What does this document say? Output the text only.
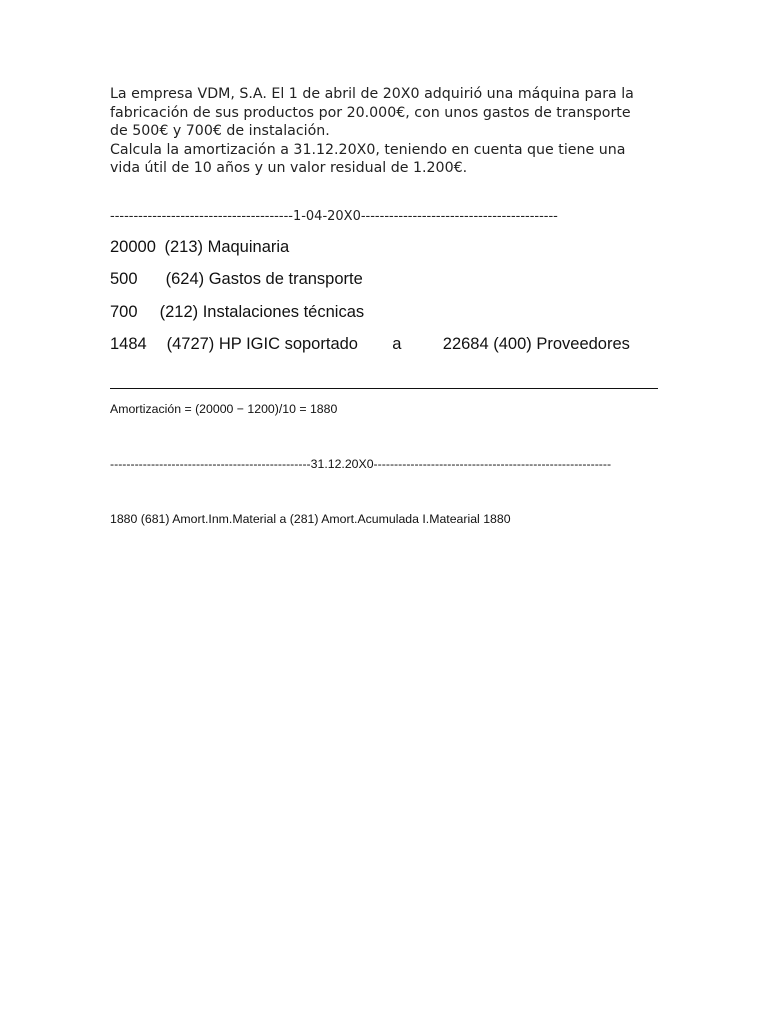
La empresa VDM, S.A. El 1 de abril de 20X0 adquirió una máquina para la

fabricación de sus productos por 20.000€, con unos gastos de transporte

de 500€ y 700€ de instalación.

Calcula la amortización a 31.12.20X0, teniendo en cuenta que tiene una

vida útil de 10 años y un valor residual de 1.200€.

---------------------------------------1-04-20X0------------------------------------------
20000 (213) Maquinaria
500 (624) Gastos de transporte
700 (212) Instalaciones técnicas
1484 (4727) HP IGIC soportado a	22684 (400) Proveedores
Amortización = (20000 − 1200)/10 = 1880
-------------------------------------------------31.12.20X0----------------------------------------------------------
1880 (681) Amort.Inm.Material a (281) Amort.Acumulada I.Matearial 1880
